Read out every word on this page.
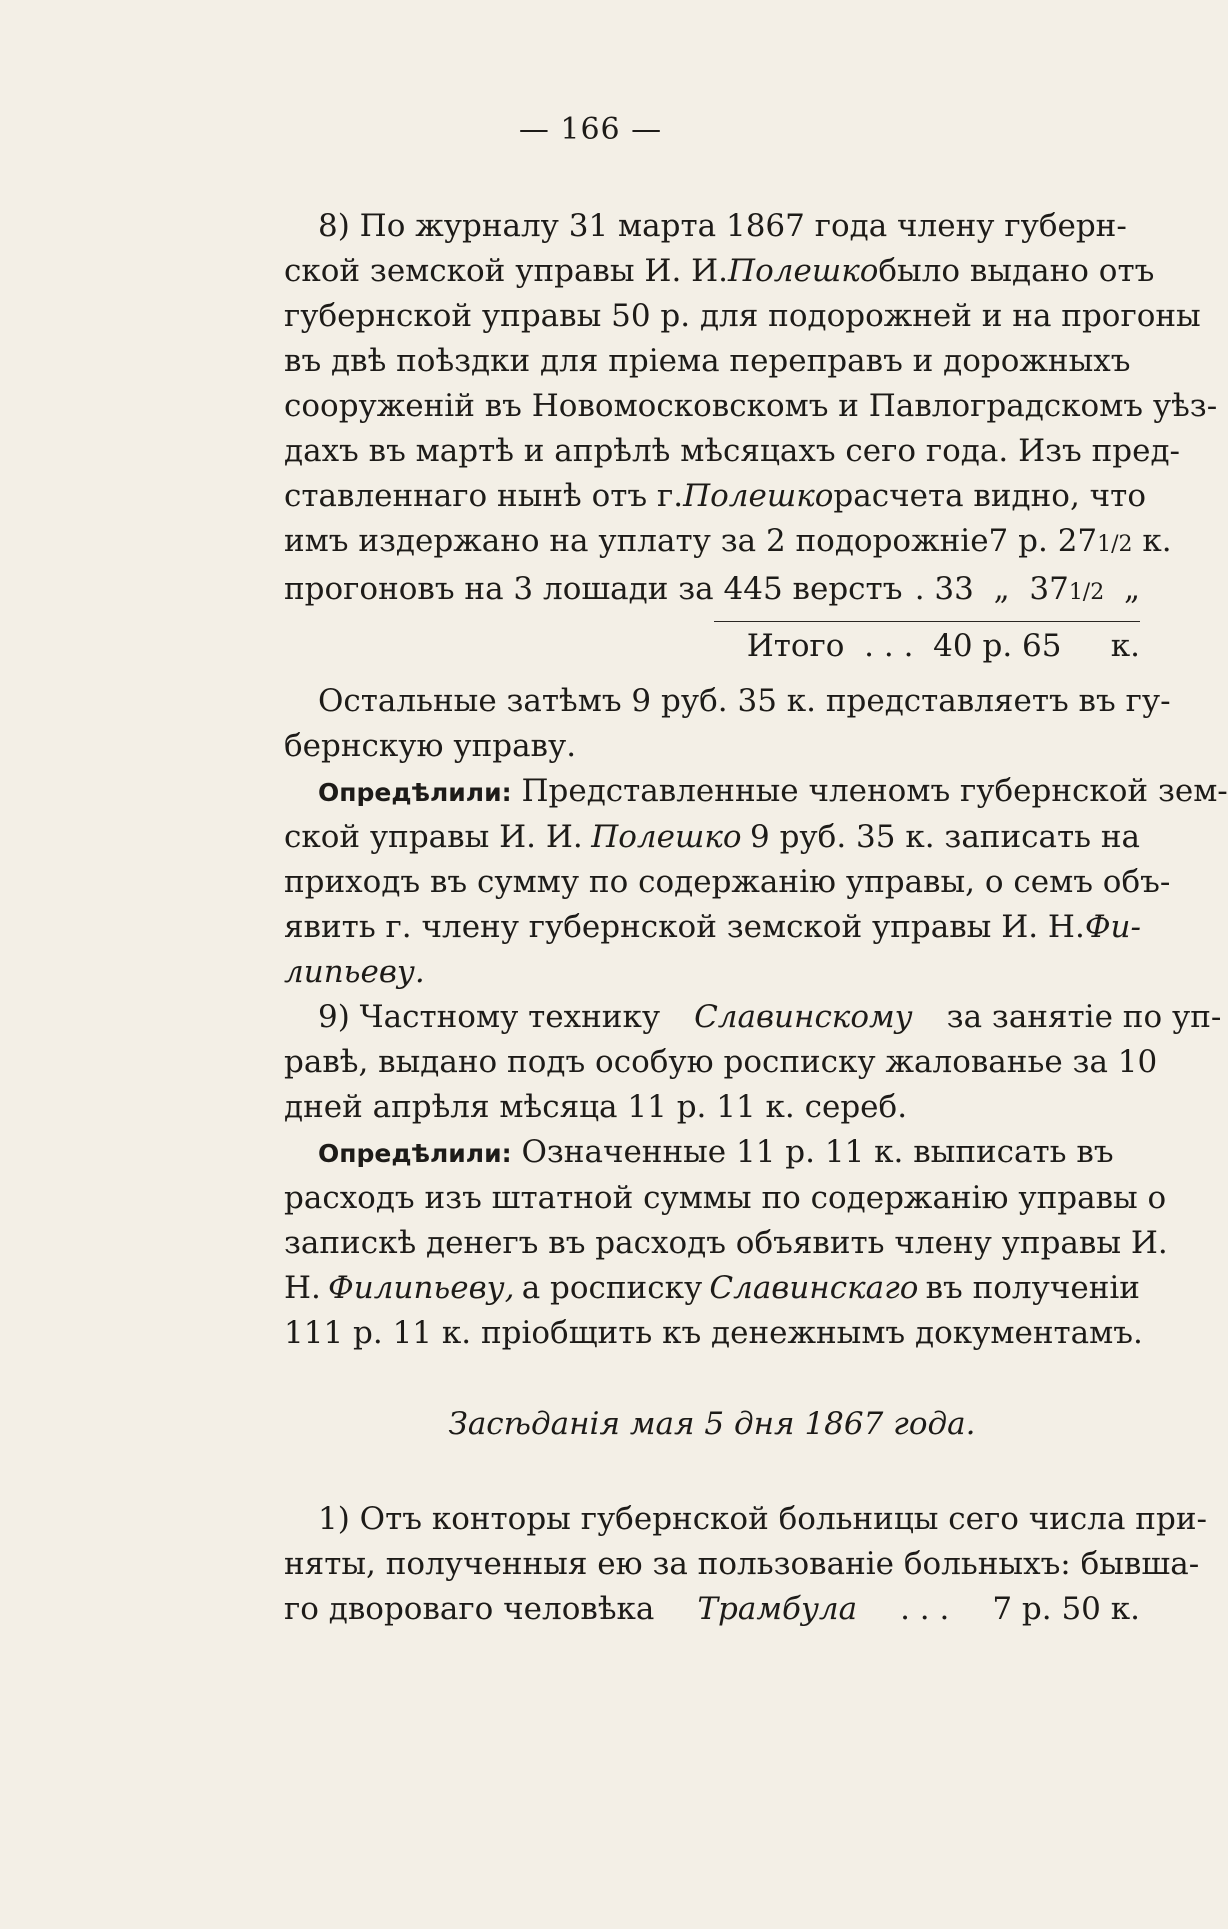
— 166 —
8) По журналу 31 марта 1867 года члену губерн-
ской земской управы И. И. Полешко было выдано отъ
губернской управы 50 р. для подорожней и на прогоны
въ двѣ поѣздки для пріема переправъ и дорожныхъ
сооруженій въ Новомосковскомъ и Павлоградскомъ уѣз-
дахъ въ мартѣ и апрѣлѣ мѣсяцахъ сего года. Изъ пред-
ставленнаго нынѣ отъ г. Полешко расчета видно, что
имъ издержано на уплату за 2 подорожніе 7 р. 271/2 к.
прогоновъ на 3 лошади за 445 верстъ . 33 „ 371/2 „
Итого
. . .
40 р.
65
к.
Остальные затѣмъ 9 руб. 35 к. представляетъ въ гу-
бернскую управу.
Опредѣлили: Представленные членомъ губернской зем-
ской управы И. И. Полешко 9 руб. 35 к. записать на
приходъ въ сумму по содержанію управы, о семъ объ-
явить г. члену губернской земской управы И. Н. Фи-
липьеву.
9) Частному технику	Славинскому	за занятіе по уп-
равѣ, выдано подъ особую росписку жалованье за 10
дней апрѣля мѣсяца 11 р. 11 к. сереб.
Опредѣлили: Означенные 11 р. 11 к. выписать въ
расходъ изъ штатной суммы по содержанію управы о
запискѣ денегъ въ расходъ объявить члену управы И.
Н. Филипьеву, а росписку Славинскаго въ полученіи
111 р. 11 к. пріобщить къ денежнымъ документамъ.
Засѣданія мая 5 дня 1867 года.
1) Отъ конторы губернской больницы сего числа при-
няты, полученныя ею за пользованіе больныхъ: бывша-
го двороваго человѣка Трамбула . . . 7 р. 50 к.
